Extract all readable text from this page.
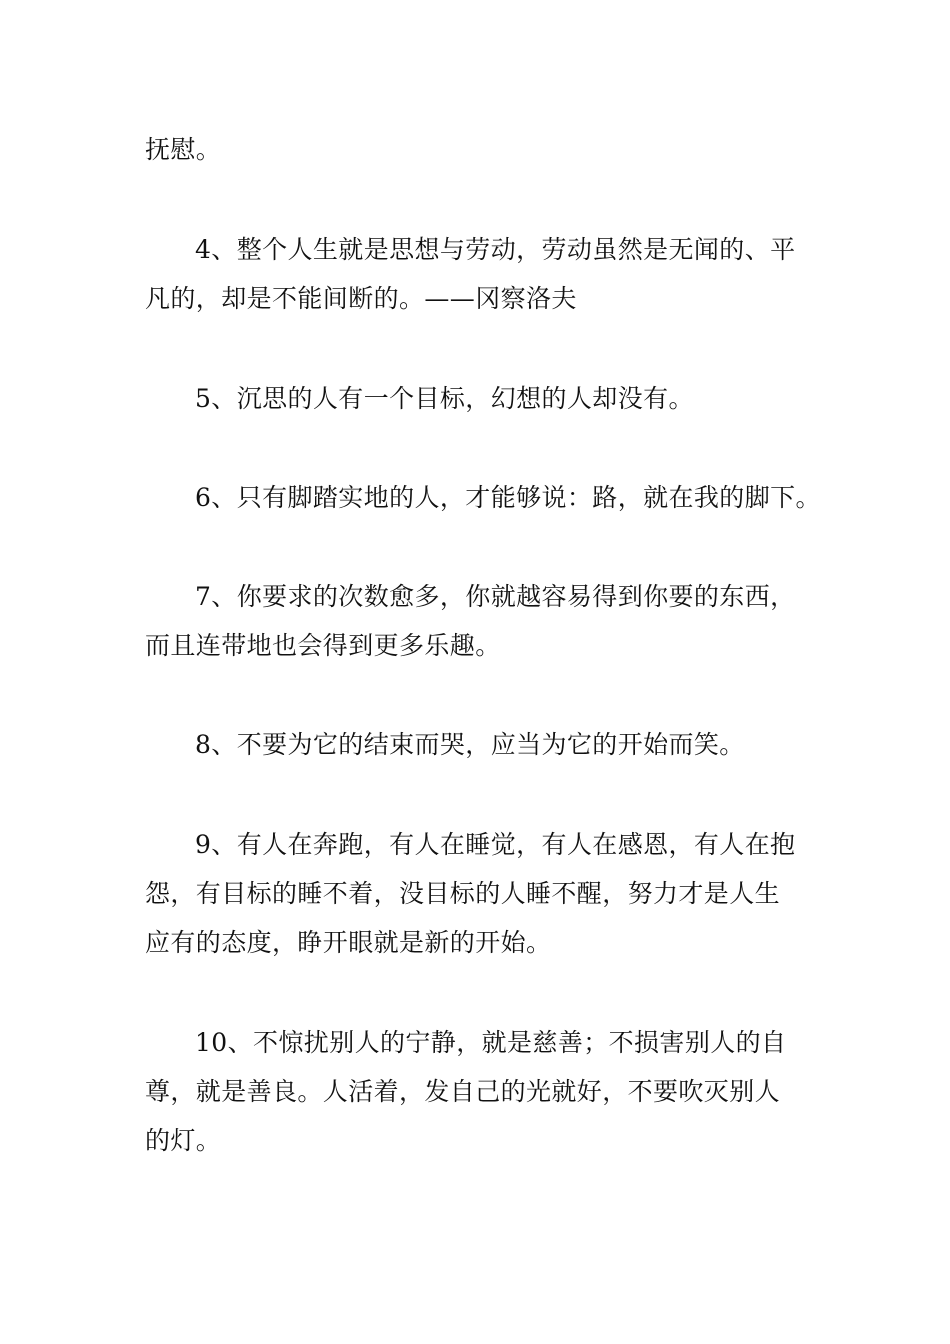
抚慰。
4、整个人生就是思想与劳动，劳动虽然是无闻的、平
凡的，却是不能间断的。——冈察洛夫
5、沉思的人有一个目标，幻想的人却没有。
6、只有脚踏实地的人，才能够说：路，就在我的脚下。
7、你要求的次数愈多，你就越容易得到你要的东西，
而且连带地也会得到更多乐趣。
8、不要为它的结束而哭，应当为它的开始而笑。
9、有人在奔跑，有人在睡觉，有人在感恩，有人在抱
怨，有目标的睡不着，没目标的人睡不醒，努力才是人生
应有的态度，睁开眼就是新的开始。
10、不惊扰别人的宁静，就是慈善；不损害别人的自
尊，就是善良。人活着，发自己的光就好，不要吹灭别人
的灯。
